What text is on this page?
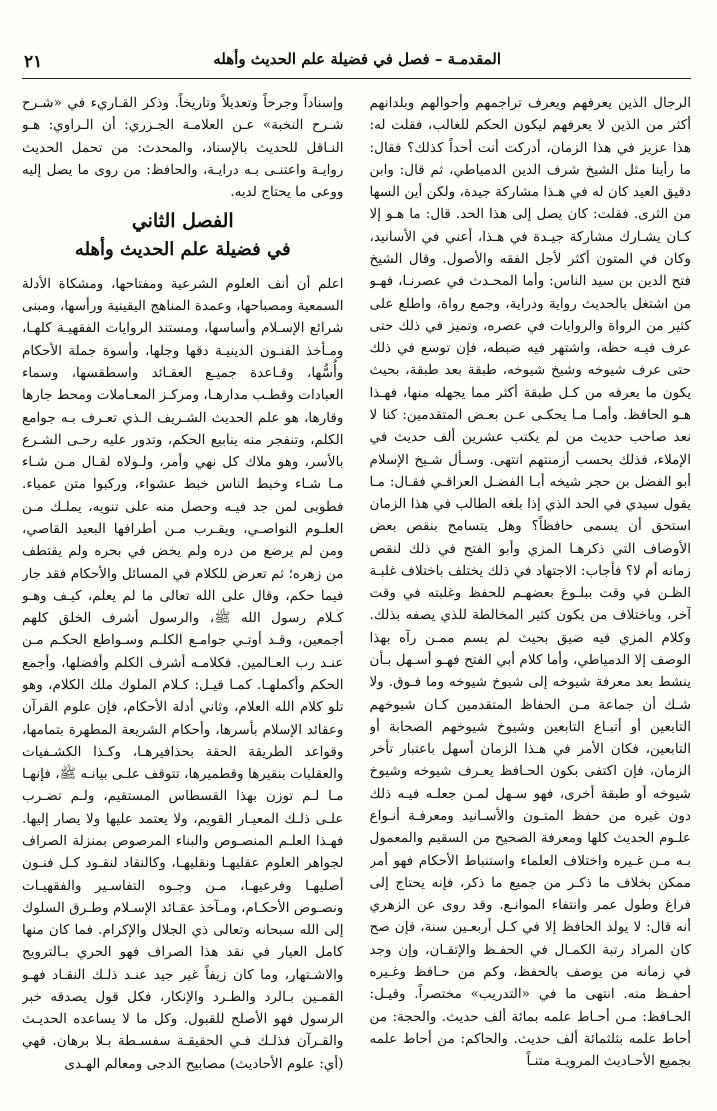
المقدمـة – فصل في فضيلة علم الحديث وأهله
٢١

الرجال الذين يعرفهم ويعرف تراجمهم وأحوالهم وبلدانهم أكثر من الذين لا يعرفهم ليكون الحكم للغالب، فقلت له: هذا عزيز في هذا الزمان، أدركت أنت أحداً كذلك؟ فقال: ما رأينا مثل الشيخ شرف الدين الدمياطي، ثم قال: وابن دقيق العيد كان له في هـذا مشاركة جيدة، ولكن أين السها من الثرى. فقلت: كان يصل إلى هذا الحد. قال: ما هـو إلا كـان يشـارك مشاركة جيـدة في هـذا، أعني في الأسانيد، وكان في المتون أكثر لأجل الفقه والأصول. وقال الشيخ فتح الدين بن سيد الناس: وأما المحـدث في عصرنـا، فهـو من اشتغل بالحديث رواية ودراية، وجمع رواة، واطلع على كثير من الرواة والروايات في عصره، وتميز في ذلك حتى عرف فيـه حظه، واشتهر فيه ضبطه، فإن توسع في ذلك حتى عرف شيوخه وشيخ شيوخه، طبقة بعد طبقة، بحيث يكون ما يعرفه من كـل طبقة أكثر مما يجهله منها، فهـذا هـو الحافظ. وأمـا مـا يحكـى عـن بعـض المتقدمين: كنا لا نعد صاحب حديث من لم يكتب عشرين ألف حديث في الإملاء، فذلك بحسب أزمنتهم انتهى. وسـأل شـيخ الإسلام أبو الفضل بن حجر شيخه أبـا الفضـل العراقـي فقـال: مـا يقول سيدي في الحد الذي إذا بلغه الطالب في هذا الزمان استحق أن يسمى حافظاً؟ وهل يتسامح بنقص بعض الأوصاف التي ذكرهـا المزي وأبو الفتح في ذلك لنقص زمانه أم لا؟ فأجاب: الاجتهاد في ذلك يختلف باختلاف غلبـة الظـن في وقت ببلـوغ بعضهـم للحفظ وغلبته في وقت آخر، وباختلاف من يكون كثير المخالطة للذي يصفه بذلك. وكلام المزي فيه ضيق بحيث لم يسم ممـن رآه بهذا الوصف إلا الدمياطي، وأما كلام أبي الفتح فهـو أسـهل بـأن ينشط بعد معرفة شيوخه إلى شيوخ شيوخه وما فـوق. ولا شـك أن جماعة مـن الحفاظ المتقدمين كـان شيوخهم التابعين أو أتبـاع التابعين وشيوخ شيوخهم الصحابة أو التابعين، فكان الأمر في هـذا الزمان أسهل باعتبار تأخر الزمان، فإن اكتفى بكون الحـافظ يعـرف شيوخه وشيوخ شيوخه أو طبقة أخرى، فهو سـهل لمـن جعلـه فيـه ذلك دون غيره من حفظ المتـون والأسـانيد ومعرفـة أنـواع علـوم الحديث كلها ومعرفة الصحيح من السقيم والمعمول بـه مـن غـيره واختلاف العلماء واستنباط الأحكام فهو أمر ممكن بخلاف ما ذكـر من جميع ما ذكر، فإنه يحتاج إلى فراغ وطول عمر وانتفاء الموانـع. وقد روى عن الزهري أنه قال: لا يولد الحافظ إلا في كـل أربعـين سنة، فإن صح كان المراد رتبة الكمـال في الحفـظ والإتقـان، وإن وجد في زمانه من يوصف بالحفظ، وكم من حـافظ وغـيره أحفـظ منه. انتهى ما في «التدريب» مختصراً. وقيـل: الحـافظ: مـن أحـاط علمه بمائة ألف حديث. والحجة: من أحاط علمه بثلثمائة ألف حديث. والحاكم: من أحاط علمه بجميع الأحـاديث المرويـة متنـاً

وإسناداً وجرحاً وتعديلاً وتاريخاً. وذكر القـاريء في «شـرح شـرح النخبة» عـن العلامـة الجـزري: أن الـراوي: هـو النـاقل للحديث بالإسناد، والمحدث: من تحمل الحديث روايـة واعتنـى بـه درايـة، والحافظ: من روى ما يصل إليه ووعى ما يحتاج لديه.

الفصل الثاني
في فضيلة علم الحديث وأهله

اعلم أن أنف العلوم الشرعية ومفتاحها، ومشكاة الأدلة السمعية ومصباحها، وعمدة المناهج اليقينية ورأسها، ومبنى شرائع الإسـلام وأساسها، ومستند الروايات الفقهيـة كلهـا، ومـأخذ الفنـون الدينيـة دقها وجلها، وأسوة جملة الأحكام وأُسُّها، وقـاعدة جميـع العقـائد واسطقسها، وسماء العبادات وقطـب مدارهـا، ومركـز المعـاملات ومحط جارها وقارها، هو علم الحديث الشـريف الـذي تعـرف بـه جوامع الكلم، وتنفجر منه ينابيع الحكم، وتدور عليه رحـى الشـرع بالأسر، وهو ملاك كل نهي وأمر، ولـولاه لقـال مـن شـاء مـا شـاء وخبط الناس خبط عشواء، وركبوا متن عمياء. فطوبى لمن جد فيـه وحصل منه على تنويه، يملـك مـن العلـوم النواصـي، ويقـرب مـن أطرافها البعيد القاصي، ومن لم يرضع من دره ولم يخض في بحره ولم يقتطف من زهره؛ ثم تعرض للكلام في المسائل والأحكام فقد جار فيما حكم، وقال على الله تعالى ما لم يعلم، كيـف وهـو كـلام رسول الله ﷺ، والرسول أشرف الخلق كلهم أجمعين، وقـد أوتـي جوامـع الكلـم وسـواطع الحكـم مـن عنـد رب العـالمين. فكلامـه أشرف الكلم وأفضلها، وأجمع الحكم وأكملهـا. كمـا قيـل: كـلام الملوك ملك الكلام، وهو تلو كلام الله العلام، وثاني أدلة الأحكام، فإن علوم القرآن وعقائد الإسلام بأسرها، وأحكام الشريعة المطهرة بتمامها، وقواعد الطريقة الحقة بحذافيرهـا، وكـذا الكشـفيات والعقليات بنقيرها وقطميرها، تتوقف علـى بيانـه ﷺ، فإنهـا مـا لـم توزن بهذا القسطاس المستقيم، ولـم تضـرب علـى ذلـك المعيـار القويم، ولا يعتمد عليها ولا يصار إليها. فهـذا العلـم المنصـوص والبناء المرصوص بمنزلة الصراف لجواهر العلوم عقليهـا ونقليهـا، وكالنقاد لنقـود كـل فنـون أصليهـا وفرعيهـا، مـن وجـوه التفاسـير والفقهيـات ونصـوص الأحكـام، ومـآخذ عقـائد الإسـلام وطـرق السلوك إلى الله سبحانه وتعالى ذي الجلال والإكرام. فما كان منها كامل العيار في نقد هذا الصراف فهو الحري بـالترويج والاشـتهار، وما كان زيفاً غير جيد عنـد ذلـك النقـاد فهـو القمـين بـالرد والطـرد والإنكار، فكل قول يصدقه خبر الرسول فهو الأصلح للقبول. وكل ما لا يساعده الحديـث والقـرآن فذلـك فـي الحقيقـة سفسـطة بـلا برهان. فهي (أي: علوم الأحاديث) مصابيح الدجى ومعالم الهـدى
